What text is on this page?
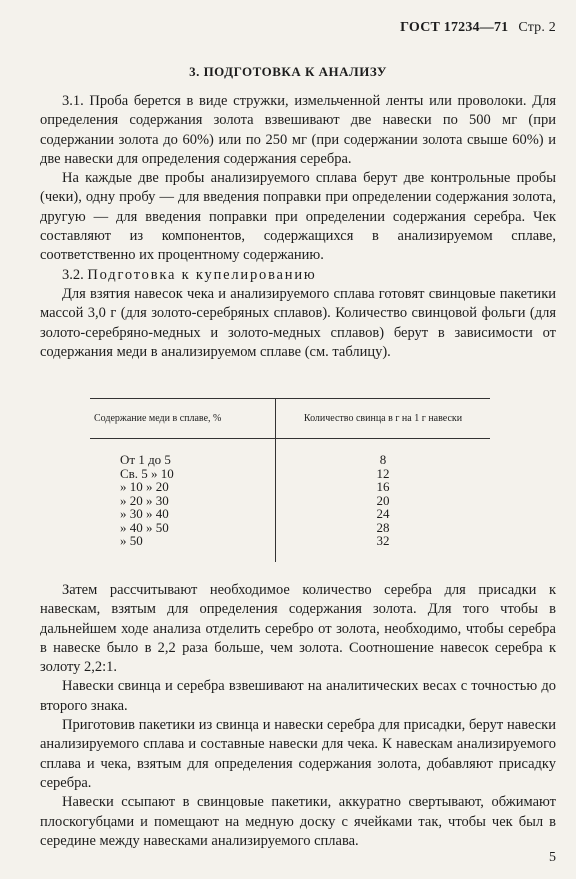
ГОСТ 17234—71 Стр. 2
3. ПОДГОТОВКА К АНАЛИЗУ

3.1. Проба берется в виде стружки, измельченной ленты или проволоки. Для определения содержания золота взвешивают две навески по 500 мг (при содержании золота до 60%) или по 250 мг (при содержании золота свыше 60%) и две навески для определения содержания серебра.

На каждые две пробы анализируемого сплава берут две контрольные пробы (чеки), одну пробу — для введения поправки при определении содержания золота, другую — для введения поправки при определении содержания серебра. Чек составляют из компонентов, содержащихся в анализируемом сплаве, соответственно их процентному содержанию.

3.2. Подготовка к купелированию

Для взятия навесок чека и анализируемого сплава готовят свинцовые пакетики массой 3,0 г (для золото-серебряных сплавов). Количество свинцовой фольги (для золото-серебряно-медных и золото-медных сплавов) берут в зависимости от содержания меди в анализируемом сплаве (см. таблицу).

Содержание меди в сплаве, %	Количество свинца в г на 1 г навески
От 1 до 5	8
Св. 5 » 10	12
» 10 » 20	16
» 20 » 30	20
» 30 » 40	24
» 40 » 50	28
» 50	32

Затем рассчитывают необходимое количество серебра для присадки к навескам, взятым для определения содержания золота. Для того чтобы в дальнейшем ходе анализа отделить серебро от золота, необходимо, чтобы серебра в навеске было в 2,2 раза больше, чем золота. Соотношение навесок серебра к золоту 2,2:1.

Навески свинца и серебра взвешивают на аналитических весах с точностью до второго знака.

Приготовив пакетики из свинца и навески серебра для присадки, берут навески анализируемого сплава и составные навески для чека. К навескам анализируемого сплава и чека, взятым для определения содержания золота, добавляют присадку серебра.

Навески ссыпают в свинцовые пакетики, аккуратно свертывают, обжимают плоскогубцами и помещают на медную доску с ячейками так, чтобы чек был в середине между навесками анализируемого сплава.

5
